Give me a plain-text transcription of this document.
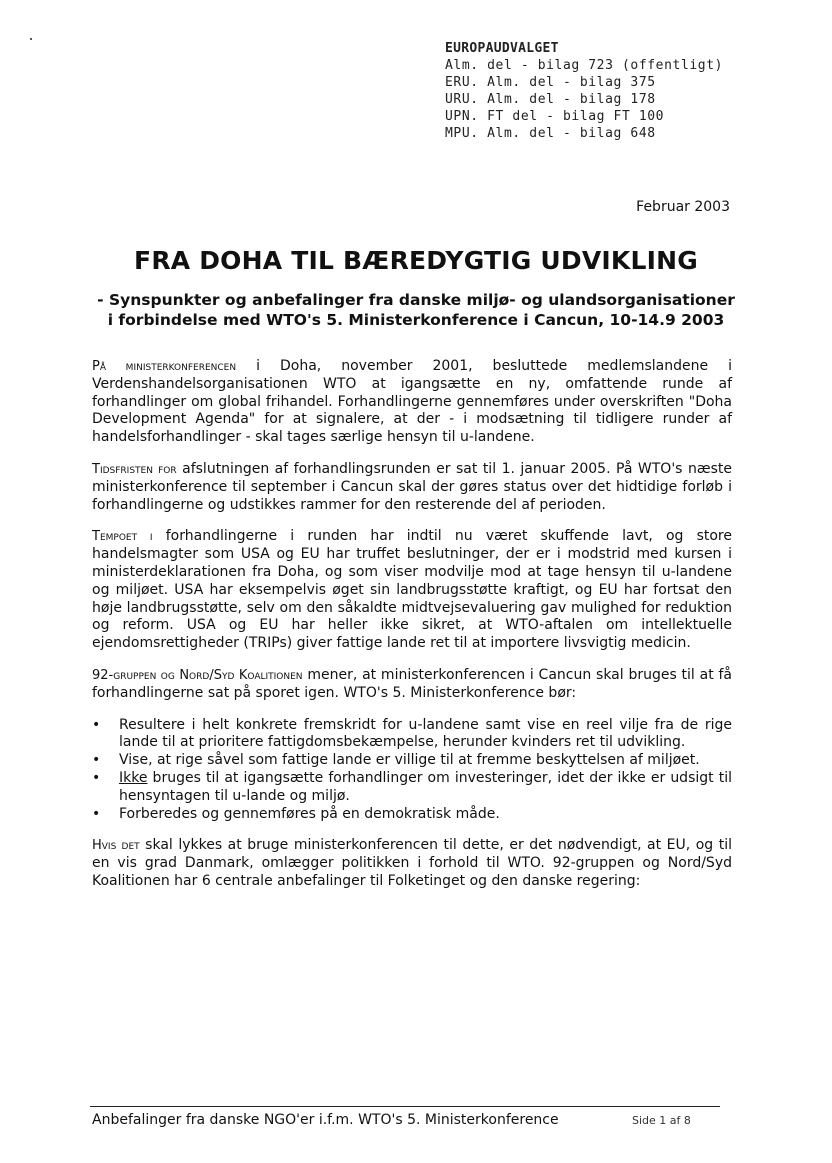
EUROPAUDVALGET
Alm. del - bilag 723 (offentligt)
ERU. Alm. del - bilag 375
URU. Alm. del - bilag 178
UPN. FT del - bilag FT 100
MPU. Alm. del - bilag 648
Februar 2003
FRA DOHA TIL BÆREDYGTIG UDVIKLING
- Synspunkter og anbefalinger fra danske miljø- og ulandsorganisationer
i forbindelse med WTO's 5. Ministerkonference i Cancun, 10-14.9 2003

På ministerkonferencen i Doha, november 2001, besluttede medlemslandene i Verdenshandelsorganisationen WTO at igangsætte en ny, omfattende runde af forhandlinger om global frihandel. Forhandlingerne gennemføres under overskriften "Doha Development Agenda" for at signalere, at der - i modsætning til tidligere runder af handelsforhandlinger - skal tages særlige hensyn til u-landene.

Tidsfristen for afslutningen af forhandlingsrunden er sat til 1. januar 2005. På WTO's næste ministerkonference til september i Cancun skal der gøres status over det hidtidige forløb i forhandlingerne og udstikkes rammer for den resterende del af perioden.

Tempoet i forhandlingerne i runden har indtil nu været skuffende lavt, og store handelsmagter som USA og EU har truffet beslutninger, der er i modstrid med kursen i ministerdeklarationen fra Doha, og som viser modvilje mod at tage hensyn til u-landene og miljøet. USA har eksempelvis øget sin landbrugsstøtte kraftigt, og EU har fortsat den høje landbrugsstøtte, selv om den såkaldte midtvejsevaluering gav mulighed for reduktion og reform. USA og EU har heller ikke sikret, at WTO-aftalen om intellektuelle ejendomsrettigheder (TRIPs) giver fattige lande ret til at importere livsvigtig medicin.

92-gruppen og Nord/Syd Koalitionen mener, at ministerkonferencen i Cancun skal bruges til at få forhandlingerne sat på sporet igen. WTO's 5. Ministerkonference bør:

• Resultere i helt konkrete fremskridt for u-landene samt vise en reel vilje fra de rige lande til at prioritere fattigdomsbekæmpelse, herunder kvinders ret til udvikling.
• Vise, at rige såvel som fattige lande er villige til at fremme beskyttelsen af miljøet.
• Ikke bruges til at igangsætte forhandlinger om investeringer, idet der ikke er udsigt til hensyntagen til u-lande og miljø.
• Forberedes og gennemføres på en demokratisk måde.

Hvis det skal lykkes at bruge ministerkonferencen til dette, er det nødvendigt, at EU, og til en vis grad Danmark, omlægger politikken i forhold til WTO. 92-gruppen og Nord/Syd Koalitionen har 6 centrale anbefalinger til Folketinget og den danske regering:

Anbefalinger fra danske NGO'er i.f.m. WTO's 5. Ministerkonference	Side 1 af 8
